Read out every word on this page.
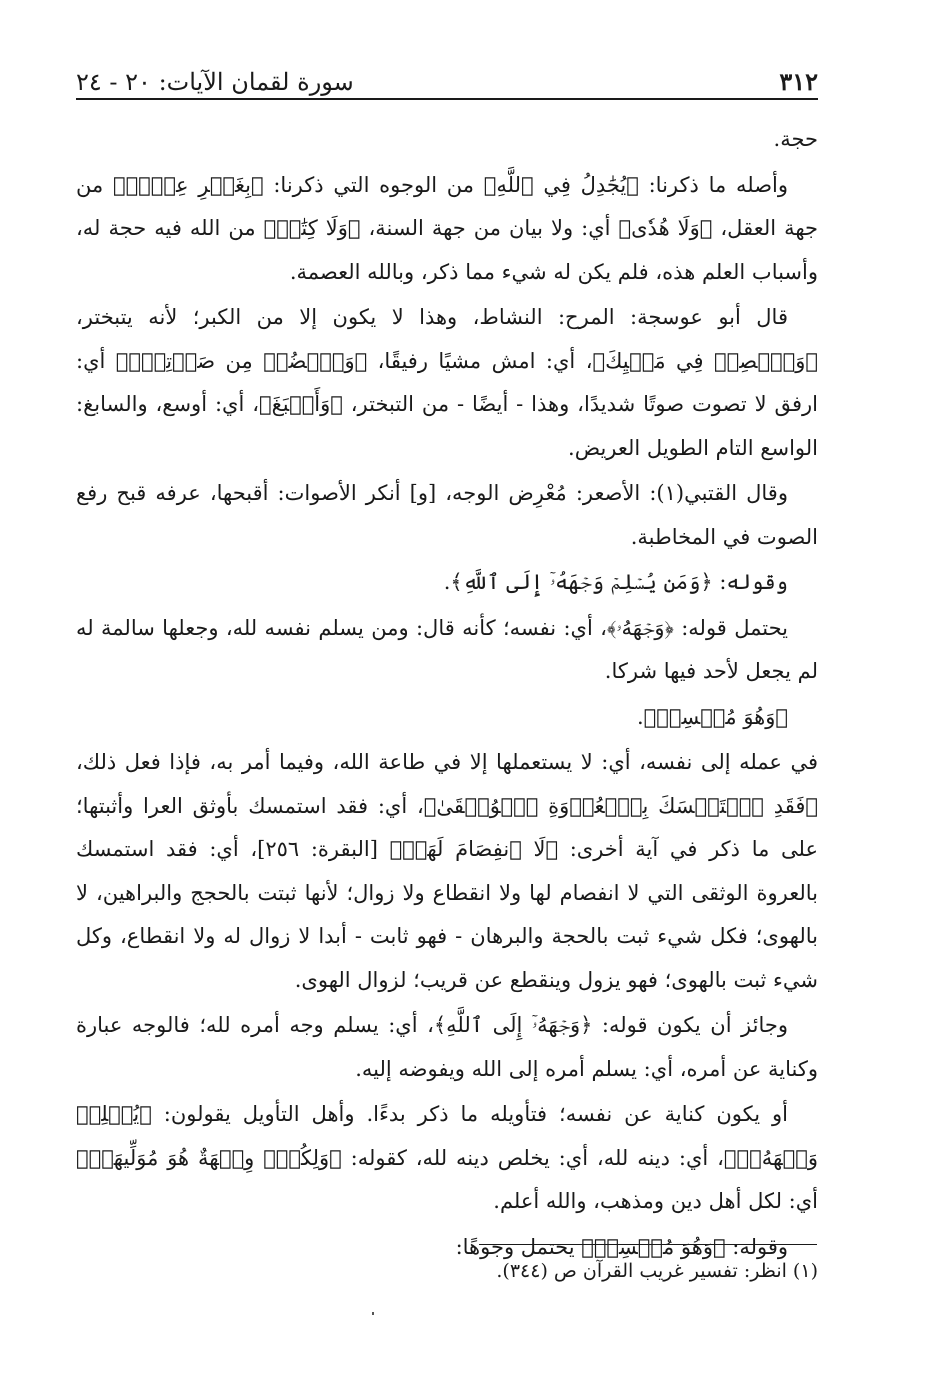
٣١٢
سورة لقمان الآيات: ٢٠ - ٢٤

حجة.

وأصله ما ذكرنا: ﴿يُجَٰدِلُ فِي ٱللَّهِ﴾ من الوجوه التي ذكرنا: ﴿بِغَيۡرِ عِلۡمٖ﴾ من جهة العقل، ﴿وَلَا هُدٗى﴾ أي: ولا بيان من جهة السنة، ﴿وَلَا كِتَٰبٖ﴾ من الله فيه حجة له، وأسباب العلم هذه، فلم يكن له شيء مما ذكر، وبالله العصمة.

قال أبو عوسجة: المرح: النشاط، وهذا لا يكون إلا من الكبر؛ لأنه يتبختر، ﴿وَٱقۡصِدۡ فِي مَشۡيِكَ﴾، أي: امش مشيًا رفيقًا، ﴿وَٱغۡضُضۡ مِن صَوۡتِكَۚ﴾ أي: ارفق لا تصوت صوتًا شديدًا، وهذا - أيضًا - من التبختر، ﴿وَأَسۡبَغَ﴾، أي: أوسع، والسابغ: الواسع التام الطويل العريض.

وقال القتبي(١): الأصعر: مُعْرِض الوجه، [و] أنكر الأصوات: أقبحها، عرفه قبح رفع الصوت في المخاطبة.

وقوله: ﴿وَمَن يُسۡلِمۡ وَجۡهَهُۥٓ إِلَى ٱللَّهِ﴾.

يحتمل قوله: ﴿وَجۡهَهُۥ﴾، أي: نفسه؛ كأنه قال: ومن يسلم نفسه لله، وجعلها سالمة له لم يجعل لأحد فيها شركا.

﴿وَهُوَ مُحۡسِنٞ﴾.

في عمله إلى نفسه، أي: لا يستعملها إلا في طاعة الله، وفيما أمر به، فإذا فعل ذلك، ﴿فَقَدِ ٱسۡتَمۡسَكَ بِٱلۡعُرۡوَةِ ٱلۡوُثۡقَىٰ﴾، أي: فقد استمسك بأوثق العرا وأثبتها؛ على ما ذكر في آية أخرى: ﴿لَا ٱنفِصَامَ لَهَاۗ﴾ [البقرة: ٢٥٦]، أي: فقد استمسك بالعروة الوثقى التي لا انفصام لها ولا انقطاع ولا زوال؛ لأنها ثبتت بالحجج والبراهين، لا بالهوى؛ فكل شيء ثبت بالحجة والبرهان - فهو ثابت - أبدا لا زوال له ولا انقطاع، وكل شيء ثبت بالهوى؛ فهو يزول وينقطع عن قريب؛ لزوال الهوى.

وجائز أن يكون قوله: ﴿وَجۡهَهُۥٓ إِلَى ٱللَّهِ﴾، أي: يسلم وجه أمره لله؛ فالوجه عبارة وكناية عن أمره، أي: يسلم أمره إلى الله ويفوضه إليه.

أو يكون كناية عن نفسه؛ فتأويله ما ذكر بدءًا. وأهل التأويل يقولون: ﴿يُسۡلِمۡ وَجۡهَهُۥٓ﴾، أي: دينه لله، أي: يخلص دينه لله، كقوله: ﴿وَلِكُلّٖ وِجۡهَةٌ هُوَ مُوَلِّيهَاۖ﴾ أي: لكل أهل دين ومذهب، والله أعلم.

وقوله: ﴿وَهُوَ مُحۡسِنٞ﴾ يحتمل وجوهًا:

(١) انظر: تفسير غريب القرآن ص (٣٤٤).
